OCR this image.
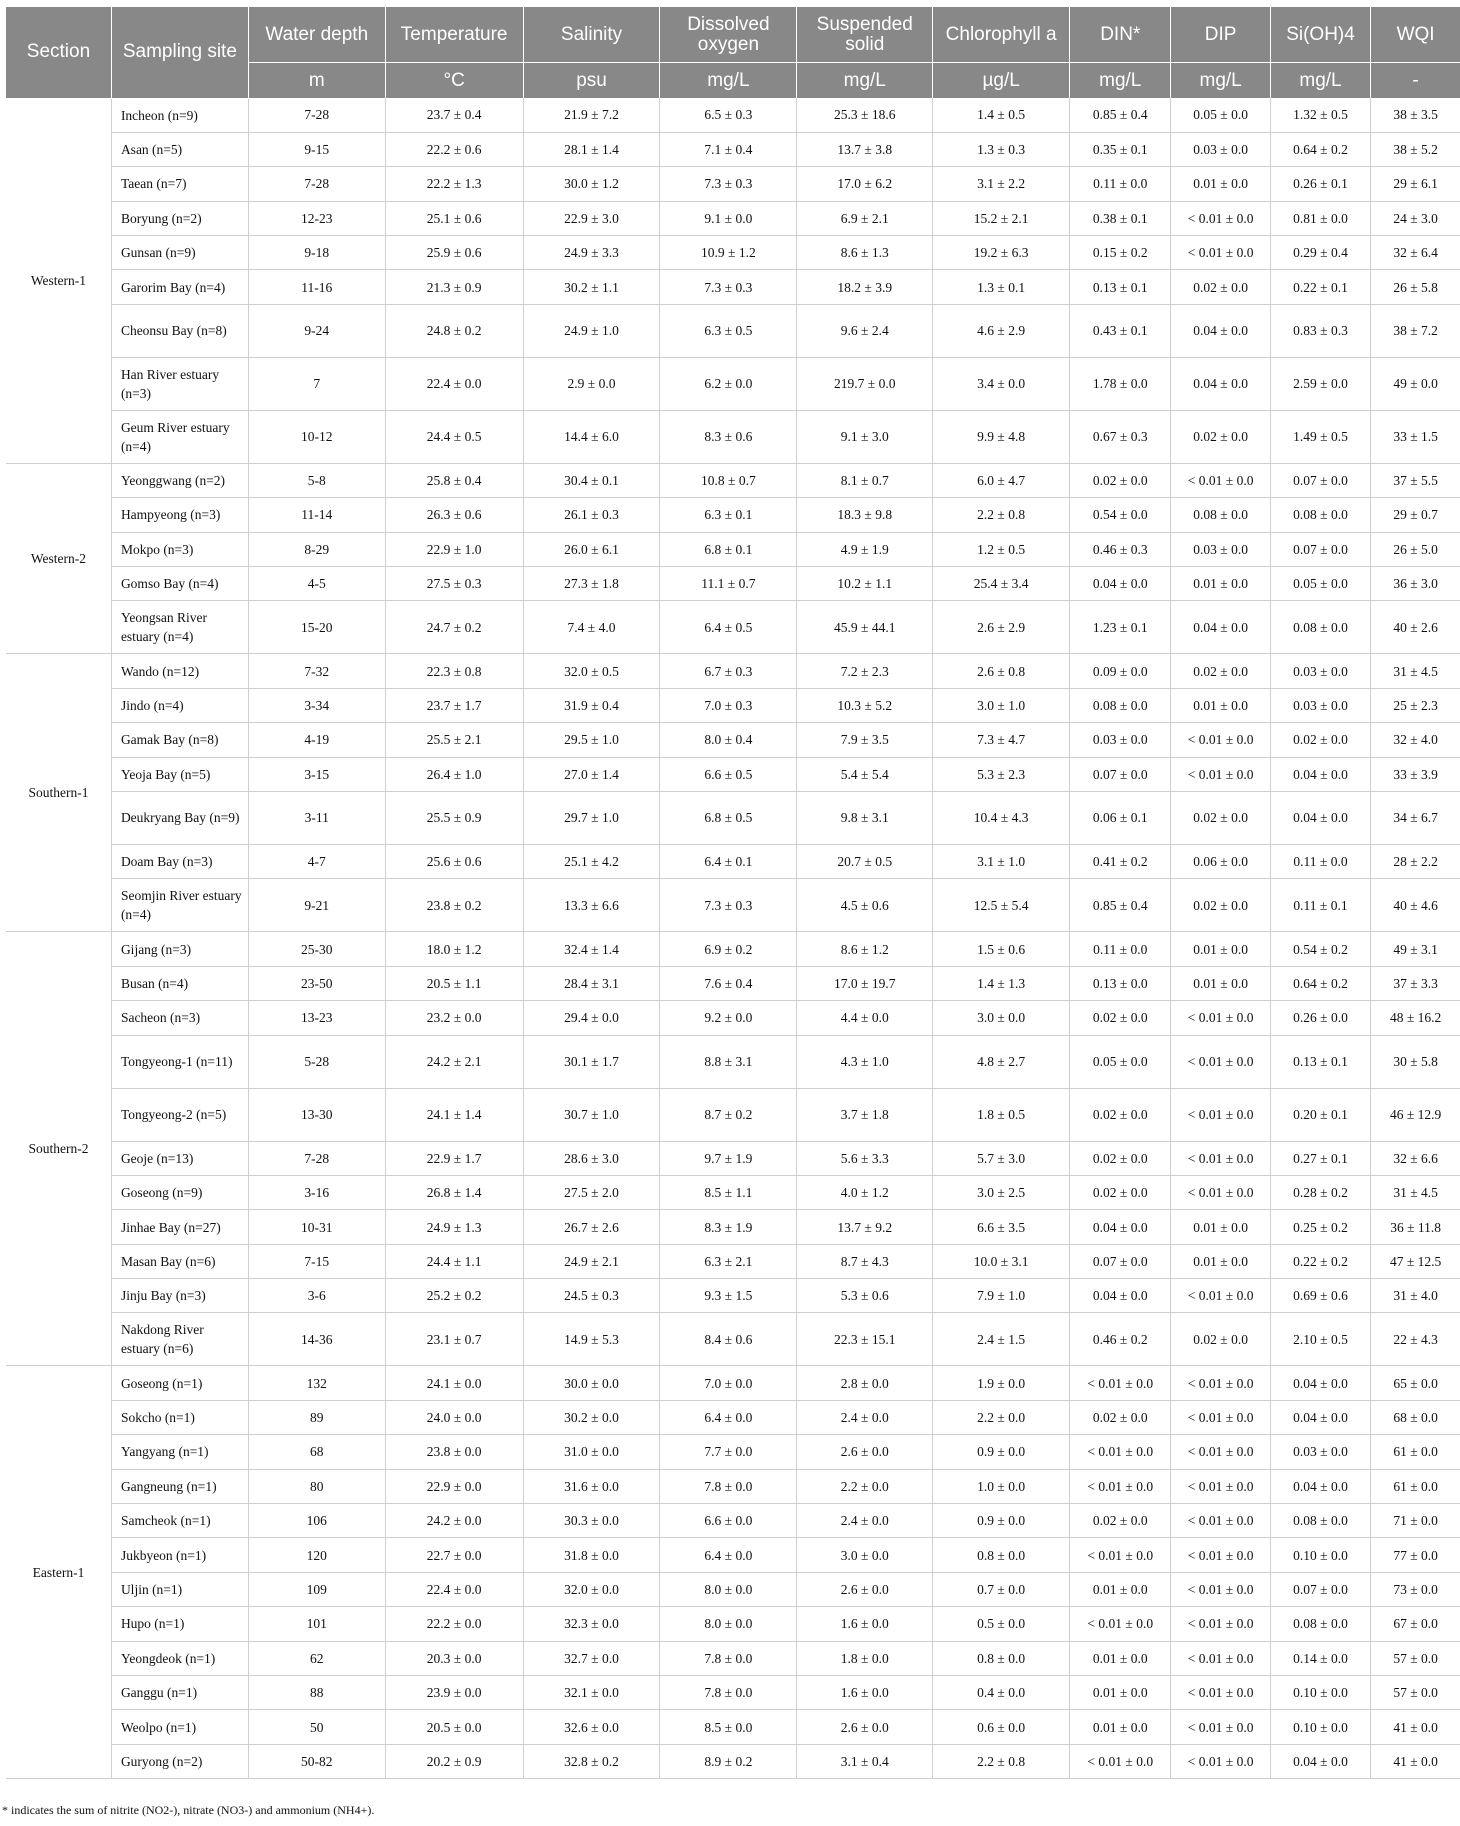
Section	Sampling site	Water depth	Temperature	Salinity	Dissolved oxygen	Suspended solid	Chlorophyll a	DIN*	DIP	Si(OH)4	WQI
		m	°C	psu	mg/L	mg/L	µg/L	mg/L	mg/L	mg/L	-
Western-1	Incheon (n=9)	7-28	23.7 ± 0.4	21.9 ± 7.2	6.5 ± 0.3	25.3 ± 18.6	1.4 ± 0.5	0.85 ± 0.4	0.05 ± 0.0	1.32 ± 0.5	38 ± 3.5
	Asan (n=5)	9-15	22.2 ± 0.6	28.1 ± 1.4	7.1 ± 0.4	13.7 ± 3.8	1.3 ± 0.3	0.35 ± 0.1	0.03 ± 0.0	0.64 ± 0.2	38 ± 5.2
	Taean (n=7)	7-28	22.2 ± 1.3	30.0 ± 1.2	7.3 ± 0.3	17.0 ± 6.2	3.1 ± 2.2	0.11 ± 0.0	0.01 ± 0.0	0.26 ± 0.1	29 ± 6.1
	Boryung (n=2)	12-23	25.1 ± 0.6	22.9 ± 3.0	9.1 ± 0.0	6.9 ± 2.1	15.2 ± 2.1	0.38 ± 0.1	< 0.01 ± 0.0	0.81 ± 0.0	24 ± 3.0
	Gunsan (n=9)	9-18	25.9 ± 0.6	24.9 ± 3.3	10.9 ± 1.2	8.6 ± 1.3	19.2 ± 6.3	0.15 ± 0.2	< 0.01 ± 0.0	0.29 ± 0.4	32 ± 6.4
	Garorim Bay (n=4)	11-16	21.3 ± 0.9	30.2 ± 1.1	7.3 ± 0.3	18.2 ± 3.9	1.3 ± 0.1	0.13 ± 0.1	0.02 ± 0.0	0.22 ± 0.1	26 ± 5.8
	Cheonsu Bay (n=8)	9-24	24.8 ± 0.2	24.9 ± 1.0	6.3 ± 0.5	9.6 ± 2.4	4.6 ± 2.9	0.43 ± 0.1	0.04 ± 0.0	0.83 ± 0.3	38 ± 7.2
	Han River estuary (n=3)	7	22.4 ± 0.0	2.9 ± 0.0	6.2 ± 0.0	219.7 ± 0.0	3.4 ± 0.0	1.78 ± 0.0	0.04 ± 0.0	2.59 ± 0.0	49 ± 0.0
	Geum River estuary (n=4)	10-12	24.4 ± 0.5	14.4 ± 6.0	8.3 ± 0.6	9.1 ± 3.0	9.9 ± 4.8	0.67 ± 0.3	0.02 ± 0.0	1.49 ± 0.5	33 ± 1.5
Western-2	Yeonggwang (n=2)	5-8	25.8 ± 0.4	30.4 ± 0.1	10.8 ± 0.7	8.1 ± 0.7	6.0 ± 4.7	0.02 ± 0.0	< 0.01 ± 0.0	0.07 ± 0.0	37 ± 5.5
	Hampyeong (n=3)	11-14	26.3 ± 0.6	26.1 ± 0.3	6.3 ± 0.1	18.3 ± 9.8	2.2 ± 0.8	0.54 ± 0.0	0.08 ± 0.0	0.08 ± 0.0	29 ± 0.7
	Mokpo (n=3)	8-29	22.9 ± 1.0	26.0 ± 6.1	6.8 ± 0.1	4.9 ± 1.9	1.2 ± 0.5	0.46 ± 0.3	0.03 ± 0.0	0.07 ± 0.0	26 ± 5.0
	Gomso Bay (n=4)	4-5	27.5 ± 0.3	27.3 ± 1.8	11.1 ± 0.7	10.2 ± 1.1	25.4 ± 3.4	0.04 ± 0.0	0.01 ± 0.0	0.05 ± 0.0	36 ± 3.0
	Yeongsan River estuary (n=4)	15-20	24.7 ± 0.2	7.4 ± 4.0	6.4 ± 0.5	45.9 ± 44.1	2.6 ± 2.9	1.23 ± 0.1	0.04 ± 0.0	0.08 ± 0.0	40 ± 2.6
Southern-1	Wando (n=12)	7-32	22.3 ± 0.8	32.0 ± 0.5	6.7 ± 0.3	7.2 ± 2.3	2.6 ± 0.8	0.09 ± 0.0	0.02 ± 0.0	0.03 ± 0.0	31 ± 4.5
	Jindo (n=4)	3-34	23.7 ± 1.7	31.9 ± 0.4	7.0 ± 0.3	10.3 ± 5.2	3.0 ± 1.0	0.08 ± 0.0	0.01 ± 0.0	0.03 ± 0.0	25 ± 2.3
	Gamak Bay (n=8)	4-19	25.5 ± 2.1	29.5 ± 1.0	8.0 ± 0.4	7.9 ± 3.5	7.3 ± 4.7	0.03 ± 0.0	< 0.01 ± 0.0	0.02 ± 0.0	32 ± 4.0
	Yeoja Bay (n=5)	3-15	26.4 ± 1.0	27.0 ± 1.4	6.6 ± 0.5	5.4 ± 5.4	5.3 ± 2.3	0.07 ± 0.0	< 0.01 ± 0.0	0.04 ± 0.0	33 ± 3.9
	Deukryang Bay (n=9)	3-11	25.5 ± 0.9	29.7 ± 1.0	6.8 ± 0.5	9.8 ± 3.1	10.4 ± 4.3	0.06 ± 0.1	0.02 ± 0.0	0.04 ± 0.0	34 ± 6.7
	Doam Bay (n=3)	4-7	25.6 ± 0.6	25.1 ± 4.2	6.4 ± 0.1	20.7 ± 0.5	3.1 ± 1.0	0.41 ± 0.2	0.06 ± 0.0	0.11 ± 0.0	28 ± 2.2
	Seomjin River estuary (n=4)	9-21	23.8 ± 0.2	13.3 ± 6.6	7.3 ± 0.3	4.5 ± 0.6	12.5 ± 5.4	0.85 ± 0.4	0.02 ± 0.0	0.11 ± 0.1	40 ± 4.6
Southern-2	Gijang (n=3)	25-30	18.0 ± 1.2	32.4 ± 1.4	6.9 ± 0.2	8.6 ± 1.2	1.5 ± 0.6	0.11 ± 0.0	0.01 ± 0.0	0.54 ± 0.2	49 ± 3.1
	Busan (n=4)	23-50	20.5 ± 1.1	28.4 ± 3.1	7.6 ± 0.4	17.0 ± 19.7	1.4 ± 1.3	0.13 ± 0.0	0.01 ± 0.0	0.64 ± 0.2	37 ± 3.3
	Sacheon (n=3)	13-23	23.2 ± 0.0	29.4 ± 0.0	9.2 ± 0.0	4.4 ± 0.0	3.0 ± 0.0	0.02 ± 0.0	< 0.01 ± 0.0	0.26 ± 0.0	48 ± 16.2
	Tongyeong-1 (n=11)	5-28	24.2 ± 2.1	30.1 ± 1.7	8.8 ± 3.1	4.3 ± 1.0	4.8 ± 2.7	0.05 ± 0.0	< 0.01 ± 0.0	0.13 ± 0.1	30 ± 5.8
	Tongyeong-2 (n=5)	13-30	24.1 ± 1.4	30.7 ± 1.0	8.7 ± 0.2	3.7 ± 1.8	1.8 ± 0.5	0.02 ± 0.0	< 0.01 ± 0.0	0.20 ± 0.1	46 ± 12.9
	Geoje (n=13)	7-28	22.9 ± 1.7	28.6 ± 3.0	9.7 ± 1.9	5.6 ± 3.3	5.7 ± 3.0	0.02 ± 0.0	< 0.01 ± 0.0	0.27 ± 0.1	32 ± 6.6
	Goseong (n=9)	3-16	26.8 ± 1.4	27.5 ± 2.0	8.5 ± 1.1	4.0 ± 1.2	3.0 ± 2.5	0.02 ± 0.0	< 0.01 ± 0.0	0.28 ± 0.2	31 ± 4.5
	Jinhae Bay (n=27)	10-31	24.9 ± 1.3	26.7 ± 2.6	8.3 ± 1.9	13.7 ± 9.2	6.6 ± 3.5	0.04 ± 0.0	0.01 ± 0.0	0.25 ± 0.2	36 ± 11.8
	Masan Bay (n=6)	7-15	24.4 ± 1.1	24.9 ± 2.1	6.3 ± 2.1	8.7 ± 4.3	10.0 ± 3.1	0.07 ± 0.0	0.01 ± 0.0	0.22 ± 0.2	47 ± 12.5
	Jinju Bay (n=3)	3-6	25.2 ± 0.2	24.5 ± 0.3	9.3 ± 1.5	5.3 ± 0.6	7.9 ± 1.0	0.04 ± 0.0	< 0.01 ± 0.0	0.69 ± 0.6	31 ± 4.0
	Nakdong River estuary (n=6)	14-36	23.1 ± 0.7	14.9 ± 5.3	8.4 ± 0.6	22.3 ± 15.1	2.4 ± 1.5	0.46 ± 0.2	0.02 ± 0.0	2.10 ± 0.5	22 ± 4.3
Eastern-1	Goseong (n=1)	132	24.1 ± 0.0	30.0 ± 0.0	7.0 ± 0.0	2.8 ± 0.0	1.9 ± 0.0	< 0.01 ± 0.0	< 0.01 ± 0.0	0.04 ± 0.0	65 ± 0.0
	Sokcho (n=1)	89	24.0 ± 0.0	30.2 ± 0.0	6.4 ± 0.0	2.4 ± 0.0	2.2 ± 0.0	0.02 ± 0.0	< 0.01 ± 0.0	0.04 ± 0.0	68 ± 0.0
	Yangyang (n=1)	68	23.8 ± 0.0	31.0 ± 0.0	7.7 ± 0.0	2.6 ± 0.0	0.9 ± 0.0	< 0.01 ± 0.0	< 0.01 ± 0.0	0.03 ± 0.0	61 ± 0.0
	Gangneung (n=1)	80	22.9 ± 0.0	31.6 ± 0.0	7.8 ± 0.0	2.2 ± 0.0	1.0 ± 0.0	< 0.01 ± 0.0	< 0.01 ± 0.0	0.04 ± 0.0	61 ± 0.0
	Samcheok (n=1)	106	24.2 ± 0.0	30.3 ± 0.0	6.6 ± 0.0	2.4 ± 0.0	0.9 ± 0.0	0.02 ± 0.0	< 0.01 ± 0.0	0.08 ± 0.0	71 ± 0.0
	Jukbyeon (n=1)	120	22.7 ± 0.0	31.8 ± 0.0	6.4 ± 0.0	3.0 ± 0.0	0.8 ± 0.0	< 0.01 ± 0.0	< 0.01 ± 0.0	0.10 ± 0.0	77 ± 0.0
	Uljin (n=1)	109	22.4 ± 0.0	32.0 ± 0.0	8.0 ± 0.0	2.6 ± 0.0	0.7 ± 0.0	0.01 ± 0.0	< 0.01 ± 0.0	0.07 ± 0.0	73 ± 0.0
	Hupo (n=1)	101	22.2 ± 0.0	32.3 ± 0.0	8.0 ± 0.0	1.6 ± 0.0	0.5 ± 0.0	< 0.01 ± 0.0	< 0.01 ± 0.0	0.08 ± 0.0	67 ± 0.0
	Yeongdeok (n=1)	62	20.3 ± 0.0	32.7 ± 0.0	7.8 ± 0.0	1.8 ± 0.0	0.8 ± 0.0	0.01 ± 0.0	< 0.01 ± 0.0	0.14 ± 0.0	57 ± 0.0
	Ganggu (n=1)	88	23.9 ± 0.0	32.1 ± 0.0	7.8 ± 0.0	1.6 ± 0.0	0.4 ± 0.0	0.01 ± 0.0	< 0.01 ± 0.0	0.10 ± 0.0	57 ± 0.0
	Weolpo (n=1)	50	20.5 ± 0.0	32.6 ± 0.0	8.5 ± 0.0	2.6 ± 0.0	0.6 ± 0.0	0.01 ± 0.0	< 0.01 ± 0.0	0.10 ± 0.0	41 ± 0.0
	Guryong (n=2)	50-82	20.2 ± 0.9	32.8 ± 0.2	8.9 ± 0.2	3.1 ± 0.4	2.2 ± 0.8	< 0.01 ± 0.0	< 0.01 ± 0.0	0.04 ± 0.0	41 ± 0.0
* indicates the sum of nitrite (NO2-), nitrate (NO3-) and ammonium (NH4+).
